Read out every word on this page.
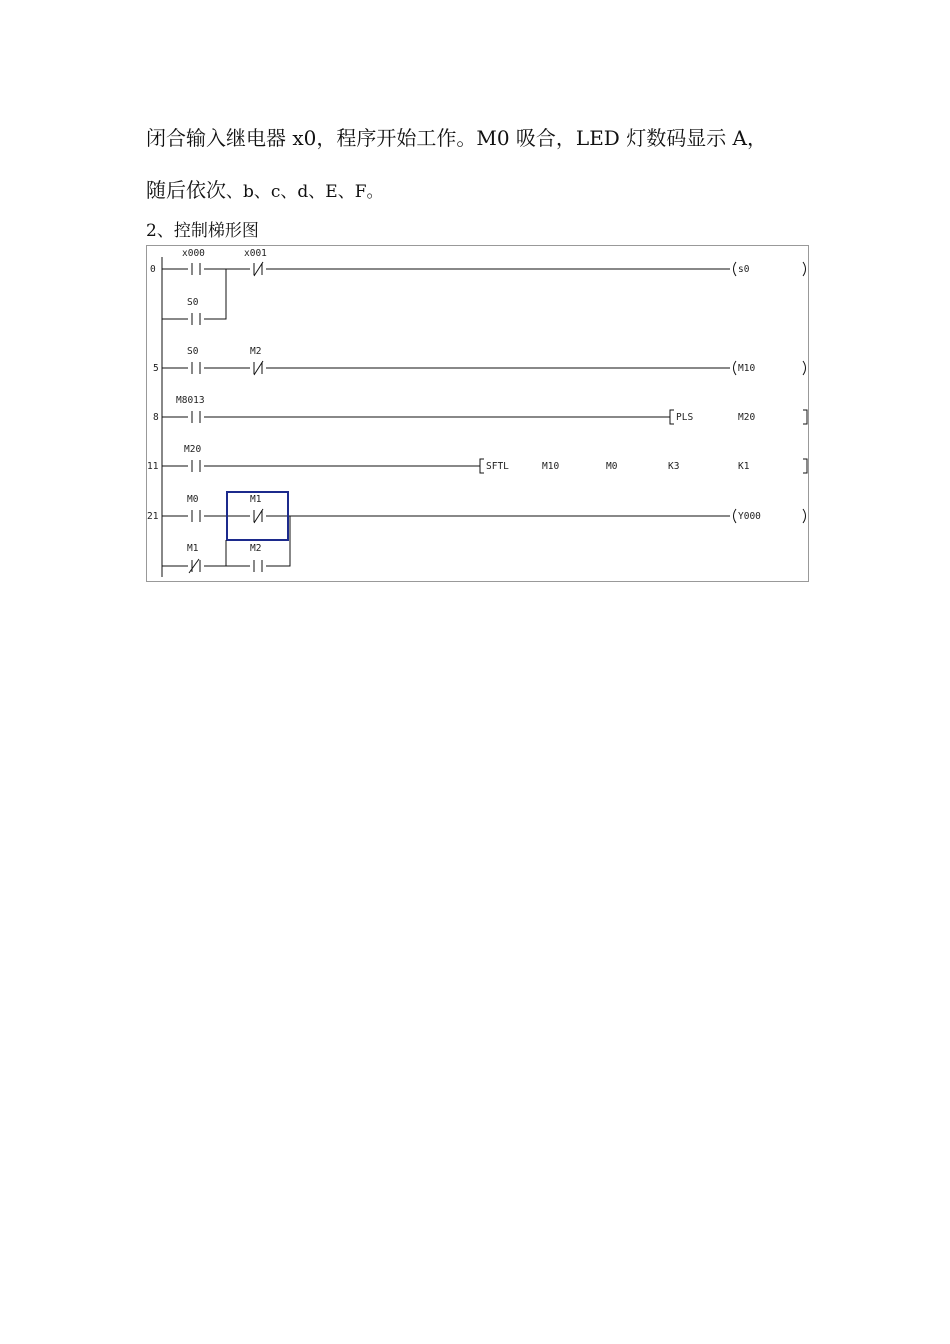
闭合输入继电器 x0，程序开始工作。M0 吸合，LED 灯数码显示 A，
随后依次、b、c、d、E、F。
2、控制梯形图
0
x000	x001
S0
s0
5
S0	M2
M10
8
M8013
PLS	M20
11
M20
SFTL	M10	M0	K3	K1
21
M0	M1
M1	M2
Y000
